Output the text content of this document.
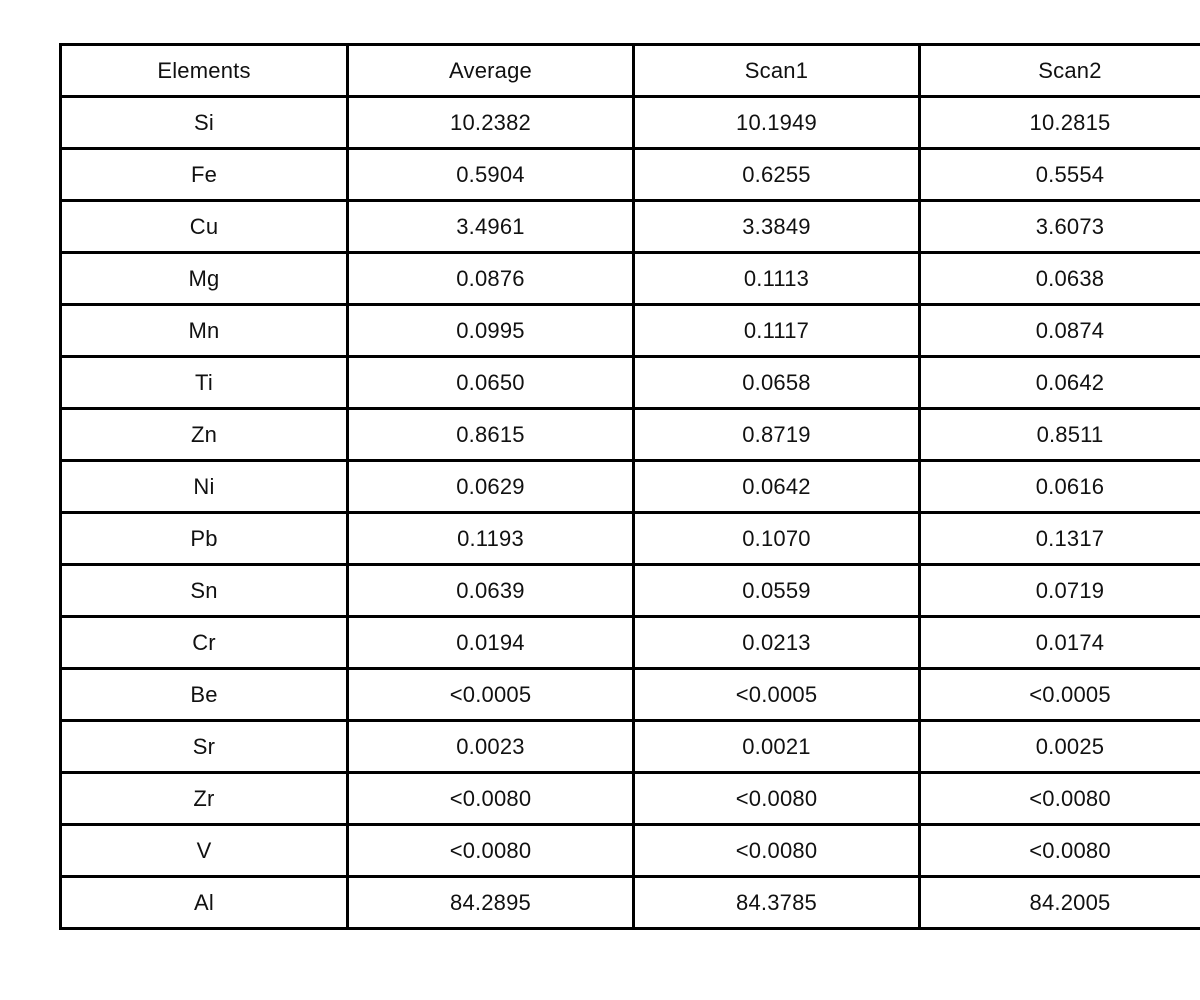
Elements	Average	Scan1	Scan2
Si	10.2382	10.1949	10.2815
Fe	0.5904	0.6255	0.5554
Cu	3.4961	3.3849	3.6073
Mg	0.0876	0.1113	0.0638
Mn	0.0995	0.1117	0.0874
Ti	0.0650	0.0658	0.0642
Zn	0.8615	0.8719	0.8511
Ni	0.0629	0.0642	0.0616
Pb	0.1193	0.1070	0.1317
Sn	0.0639	0.0559	0.0719
Cr	0.0194	0.0213	0.0174
Be	<0.0005	<0.0005	<0.0005
Sr	0.0023	0.0021	0.0025
Zr	<0.0080	<0.0080	<0.0080
V	<0.0080	<0.0080	<0.0080
Al	84.2895	84.3785	84.2005
